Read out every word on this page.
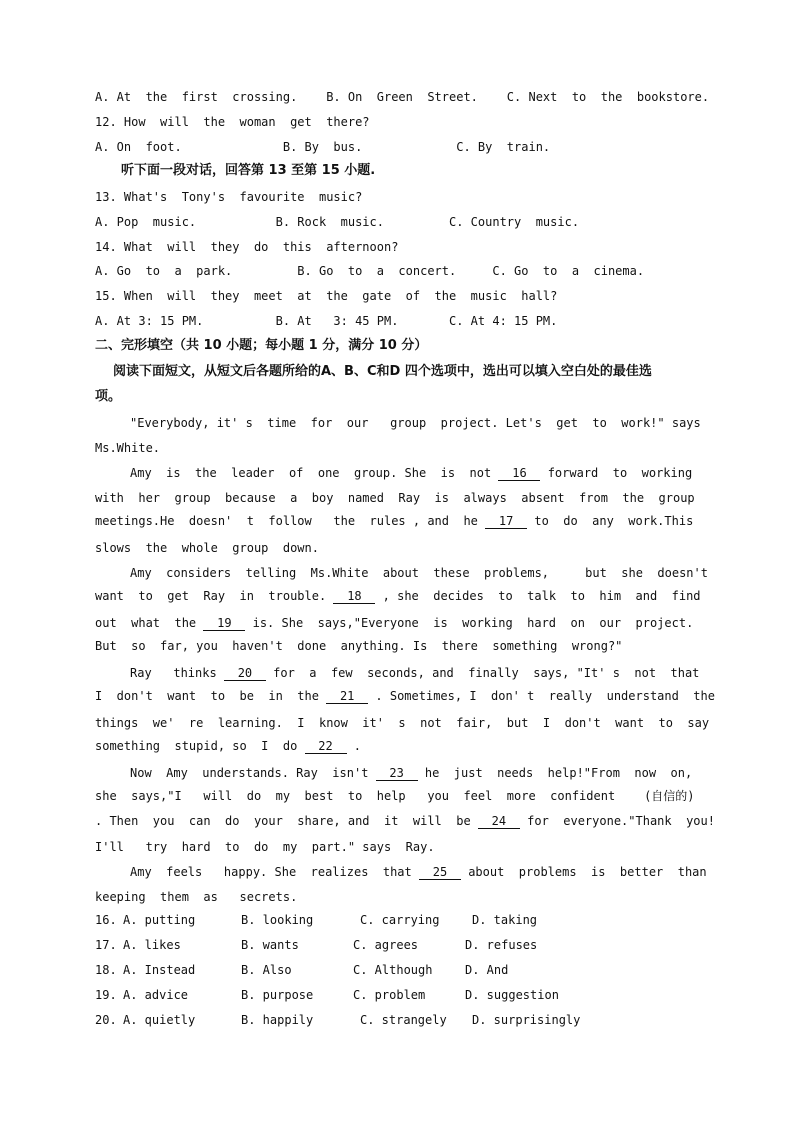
A. At  the  first  crossing.    B. On  Green  Street.    C. Next  to  the  bookstore.
12. How  will  the  woman  get  there?
A. On  foot.              B. By  bus.             C. By  train.
听下面一段对话，回答第 13 至第 15 小题.
13. What's  Tony's  favourite  music?
A. Pop  music.           B. Rock  music.         C. Country  music.
14. What  will  they  do  this  afternoon?
A. Go  to  a  park.         B. Go  to  a  concert.     C. Go  to  a  cinema.
15. When  will  they  meet  at  the  gate  of  the  music  hall?
A. At 3: 15 PM.          B. At   3: 45 PM.       C. At 4: 15 PM.
二、完形填空（共 10 小题；每小题 1 分，满分 10 分）
阅读下面短文，从短文后各题所给的A、B、C和D 四个选项中，选出可以填入空白处的最佳选
项。
"Everybody, it' s  time  for  our   group  project. Let's  get  to  work!" says
Ms.White.
Amy  is  the  leader  of  one  group. She  is  not 16 forward  to  working
with  her  group  because  a  boy  named  Ray  is  always  absent  from  the  group
meetings.He  doesn'  t  follow   the  rules , and  he 17 to  do  any  work.This
slows  the  whole  group  down.
Amy  considers  telling  Ms.White  about  these  problems,     but  she  doesn't
want  to  get  Ray  in  trouble. 18 , she  decides  to  talk  to  him  and  find
out  what  the 19 is. She  says,"Everyone  is  working  hard  on  our  project.
But  so  far, you  haven't  done  anything. Is  there  something  wrong?"
Ray   thinks 20 for  a  few  seconds, and  finally  says, "It' s  not  that
I  don't  want  to  be  in  the 21 . Sometimes, I  don' t  really  understand  the
things  we'  re  learning.  I  know  it'  s  not  fair,  but  I  don't  want  to  say
something  stupid, so  I  do 22 .
Now  Amy  understands. Ray  isn't 23 he  just  needs  help!"From  now  on,
she  says,"I   will  do  my  best  to  help   you  feel  more  confident    (自信的)
. Then  you  can  do  your  share, and  it  will  be 24 for  everyone."Thank  you!
I'll   try  hard  to  do  my  part." says  Ray.
Amy  feels   happy. She  realizes  that 25 about  problems  is  better  than
keeping  them  as   secrets.
16. A. putting	B. looking	C. carrying	D. taking
17. A. likes	B. wants	C. agrees	D. refuses
18. A. Instead	B. Also	C. Although	D. And
19. A. advice	B. purpose	C. problem	D. suggestion
20. A. quietly	B. happily	C. strangely D. surprisingly
